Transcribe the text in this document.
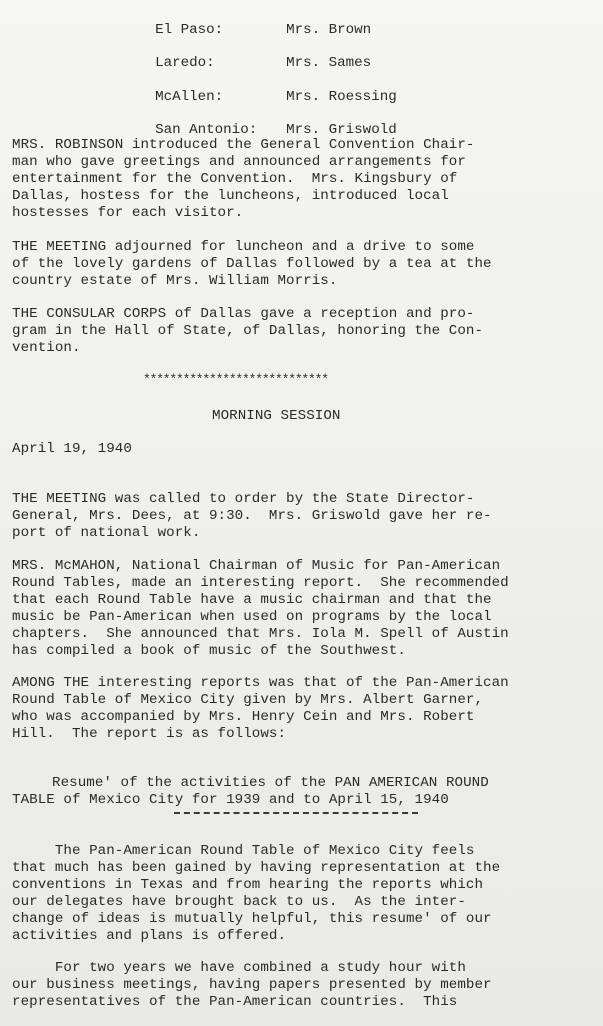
El Paso:	Mrs. Brown

Laredo:	Mrs. Sames

McAllen:	Mrs. Roessing

San Antonio: Mrs. Griswold

MRS. ROBINSON introduced the General Convention Chair-

man who gave greetings and announced arrangements for

entertainment for the Convention.  Mrs. Kingsbury of

Dallas, hostess for the luncheons, introduced local

hostesses for each visitor.

THE MEETING adjourned for luncheon and a drive to some

of the lovely gardens of Dallas followed by a tea at the

country estate of Mrs. William Morris.

THE CONSULAR CORPS of Dallas gave a reception and pro-

gram in the Hall of State, of Dallas, honoring the Con-

vention.

****************************
MORNING SESSION
April 19, 1940

THE MEETING was called to order by the State Director-

General, Mrs. Dees, at 9:30.  Mrs. Griswold gave her re-

port of national work.

MRS. McMAHON, National Chairman of Music for Pan-American

Round Tables, made an interesting report.  She recommended

that each Round Table have a music chairman and that the

music be Pan-American when used on programs by the local

chapters.  She announced that Mrs. Iola M. Spell of Austin

has compiled a book of music of the Southwest.

AMONG THE interesting reports was that of the Pan-American

Round Table of Mexico City given by Mrs. Albert Garner,

who was accompanied by Mrs. Henry Cein and Mrs. Robert

Hill.  The report is as follows:

Resume' of the activities of the PAN AMERICAN ROUND
TABLE of Mexico City for 1939 and to April 15, 1940

The Pan-American Round Table of Mexico City feels

that much has been gained by having representation at the

conventions in Texas and from hearing the reports which

our delegates have brought back to us.  As the inter-

change of ideas is mutually helpful, this resume' of our

activities and plans is offered.

For two years we have combined a study hour with

our business meetings, having papers presented by member

representatives of the Pan-American countries.  This
